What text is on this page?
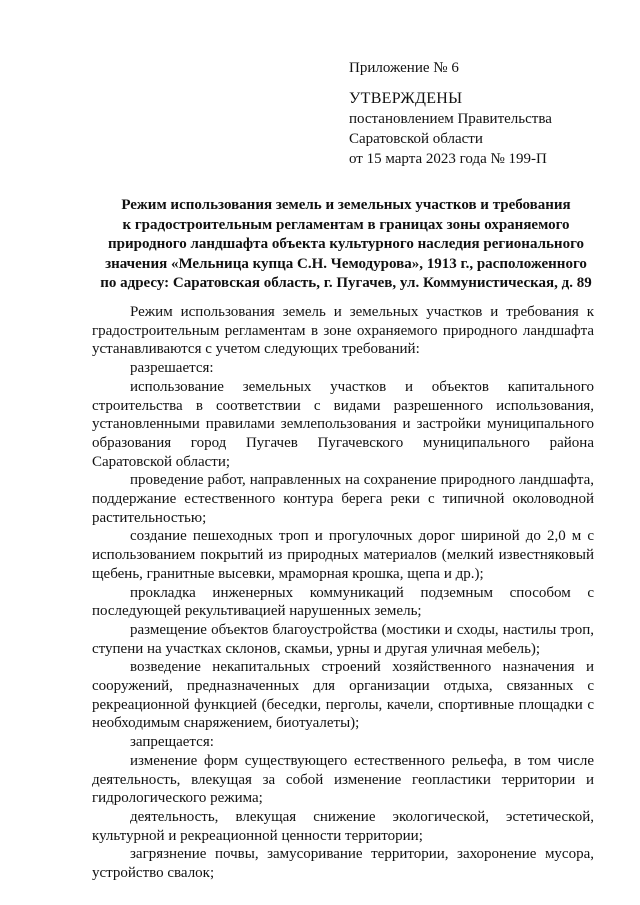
Приложение № 6
УТВЕРЖДЕНЫ
постановлением Правительства
Саратовской области
от 15 марта 2023 года № 199-П
Режим использования земель и земельных участков и требования
к градостроительным регламентам в границах зоны охраняемого
природного ландшафта объекта культурного наследия регионального
значения «Мельница купца С.Н. Чемодурова», 1913 г., расположенного
по адресу: Саратовская область, г. Пугачев, ул. Коммунистическая, д. 89

Режим использования земель и земельных участков и требования к градостроительным регламентам в зоне охраняемого природного ландшафта устанавливаются с учетом следующих требований:

разрешается:

использование земельных участков и объектов капитального строительства в соответствии с видами разрешенного использования, установленными правилами землепользования и застройки муниципального образования город Пугачев Пугачевского муниципального района Саратовской области;

проведение работ, направленных на сохранение природного ландшафта, поддержание естественного контура берега реки с типичной околоводной растительностью;

создание пешеходных троп и прогулочных дорог шириной до 2,0 м с использованием покрытий из природных материалов (мелкий известняковый щебень, гранитные высевки, мраморная крошка, щепа и др.);

прокладка инженерных коммуникаций подземным способом с последующей рекультивацией нарушенных земель;

размещение объектов благоустройства (мостики и сходы, настилы троп, ступени на участках склонов, скамьи, урны и другая уличная мебель);

возведение некапитальных строений хозяйственного назначения и сооружений, предназначенных для организации отдыха, связанных с рекреационной функцией (беседки, перголы, качели, спортивные площадки с необходимым снаряжением, биотуалеты);

запрещается:

изменение форм существующего естественного рельефа, в том числе деятельность, влекущая за собой изменение геопластики территории и гидрологического режима;

деятельность, влекущая снижение экологической, эстетической, культурной и рекреационной ценности территории;

загрязнение почвы, замусоривание территории, захоронение мусора, устройство свалок;
